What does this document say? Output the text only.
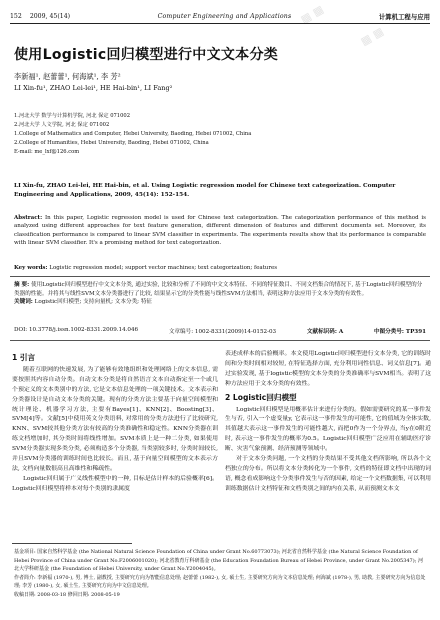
▦ ▦
▦ ▦
152 2009, 45(14)	Computer Engineering and Applications	计算机工程与应用
使用Logistic回归模型进行中文文本分类
李新福¹, 赵蕾蕾¹, 何海斌¹, 李 芳²
LI Xin-fu¹, ZHAO Lei-lei¹, HE Hai-bin¹, LI Fang²
1.河北大学 数学与计算机学院, 河北 保定 071002
2.河北大学 人文学院, 河北 保定 071002
1.College of Mathematics and Computer, Hebei University, Baoding, Hebei 071002, China
2.College of Humanities, Hebei University, Baoding, Hebei 071002, China
E-mail: me_lxf@126.com
LI Xin-fu, ZHAO Lei-lei, HE Hai-bin, et al. Using Logistic regression model for Chinese text categorization. Computer Engineering and Applications, 2009, 45(14): 152-154.
Abstract: In this paper, Logistic regression model is used for Chinese text categorization. The categorization performance of this method is analyzed using different approaches for text feature generation, different dimension of features and different documents set. Moreover, its classification performance is compared to linear SVM classifier in experiments. The experiments results show that its performance is comparable with linear SVM classifier. It's a promising method for text categorization.
Key words: Logistic regression model; support vector machines; text categorization; features
摘 要: 使用Logistic回归模型进行中文文本分类, 通过实验, 比较和分析了不同的中文文本特征、不同的特征数目、不同文档集合的情况下, 基于Logistic回归模型的分类器的性能。并将其与线性SVM文本分类器进行了比较, 结果显示它的分类性能与线性SVM方法相当, 表明这种方法应用于文本分类的有效性。
关键词: Logistic回归模型; 支持向量机; 文本分类; 特征
DOI: 10.3778/j.issn.1002-8331.2009.14.046	文章编号: 1002-8331(2009)14-0152-03	文献标识码: A	中图分类号: TP391
1 引言

随着互联网的快速发展, 为了能够有效地组织和处理网络上的文本信息, 需要按照其内容自动分类。自动文本分类是将自然语言文本自动指定至一个或几个预定义的文本类别中的方法, 它是文本信息处理的一项关键技术。文本表示和分类器设计是自动文本分类的关键。现有的分类方法主要基于向量空间模型和统计理论、机器学习方法, 主要有Bayes[1]、KNN[2]、Boosting[3]、SVM[4]等。文献[5]中使用英文分类语料, 对常用的分类方法进行了比较研究, KNN、SVM较其他分类方法有较高的分类准确性和稳定性。KNN分类器在训练文档增加时, 其分类时间将线性增加。SVM本质上是一种二分类, 如果使用SVM分类器实现多类分类, 必须构造多个分类器, 当类别较多时, 分类时间较长, 并且SVM分类器的训练时间也比较长。而且, 基于向量空间模型的文本表示方法, 文档向量数很高且高维性和稀疏性。

Logistic回归属于广义线性模型中的一种, 目标是估计样本的后验概率[6]。Logistic回归模型将样本对每个类别的隶属度

表述成样本的后验概率。本文使用Logistic回归模型进行文本分类, 它的训练时间和分类时间相对较短, 在特征选择方面, 充分利用词性信息、词义信息[7]。通过实验发现, 基于logistic模型的文本分类的分类准确率与SVM相当。表明了这种方法应用于文本分类的有效性。

2 Logistic回归模型

Logistic回归模型是用概率估计来进行分类的。假如需要研究的某一事件发生与否, 引入一个虚变量y, 它表示这一事件发生的可能性, 它的值域为全体实数, 其值越大表示这一事件发生的可能性越大, 而把0作为一个分界点, 当y在0附近时, 表示这一事件发生的概率为0.5。Logistic回归模型广泛应用在辅助医疗诊断、灾害气象预测、经济预测等领域中。

对于文本分类问题, 一个文档的分类结果不受其他文档所影响, 所以各个文档独立的分布。所以将文本分类转化为一个事件, 文档的特征即文档中出现的词语, 概念看成影响这个分类事件发生与否的因素, 给定一个文档数据集, 可以利用训练数据估计文档特征和文档类别之间的内在关系, 从而预测文本文

基金项目: 国家自然科学基金 (the National Natural Science Foundation of China under Grant No.60773073); 河北省自然科学基金 (the Natural Science Foundation of Hebei Province of China under Grant No.F2006001020); 河北省教育厅科研基金 (the Education Foundation Bureau of Hebei Province, under Grant No.2005347); 河北大学科研基金 (the Foundation of Hebei University, under Grant No.Y2004045)。
作者简介: 李新福 (1970-), 男, 博士, 副教授, 主要研究方向为智能信息处理; 赵蕾蕾 (1982-), 女, 硕士生, 主要研究方向为文本信息处理; 何海斌 (1978-), 男, 助教, 主要研究方向为信息处理; 李芳 (1980-), 女, 硕士生, 主要研究方向为中文信息处理。
收稿日期: 2008-03-18 修回日期: 2008-05-19
